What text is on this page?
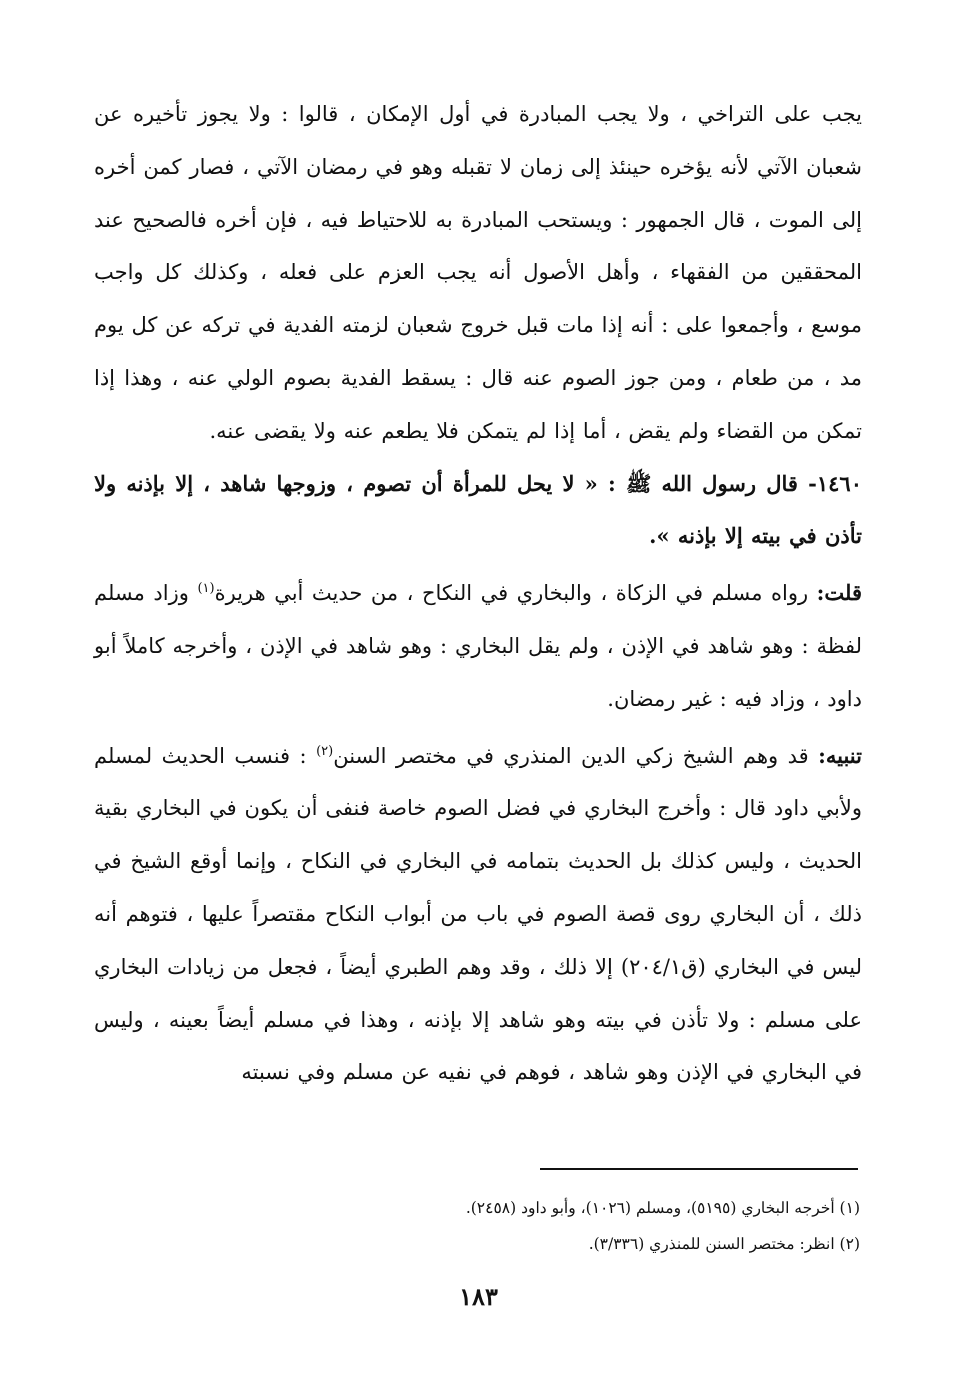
يجب على التراخي ، ولا يجب المبادرة في أول الإمكان ، قالوا : ولا يجوز تأخيره عن شعبان الآتي لأنه يؤخره حينئذ إلى زمان لا تقبله وهو في رمضان الآتي ، فصار كمن أخره إلى الموت ، قال الجمهور : ويستحب المبادرة به للاحتياط فيه ، فإن أخره فالصحيح عند المحققين من الفقهاء ، وأهل الأصول أنه يجب العزم على فعله ، وكذلك كل واجب موسع ، وأجمعوا على : أنه إذا مات قبل خروج شعبان لزمته الفدية في تركه عن كل يوم مد ، من طعام ، ومن جوز الصوم عنه قال : يسقط الفدية بصوم الولي عنه ، وهذا إذا تمكن من القضاء ولم يقض ، أما إذا لم يتمكن فلا يطعم عنه ولا يقضى عنه.

١٤٦٠- قال رسول الله ﷺ : « لا يحل للمرأة أن تصوم ، وزوجها شاهد ، إلا بإذنه ولا تأذن في بيته إلا بإذنه ».

قلت: رواه مسلم في الزكاة ، والبخاري في النكاح ، من حديث أبي هريرة$^{(١)}$ وزاد مسلم لفظة : وهو شاهد في الإذن ، ولم يقل البخاري : وهو شاهد في الإذن ، وأخرجه كاملاً أبو داود ، وزاد فيه : غير رمضان.

تنبيه: قد وهم الشيخ زكي الدين المنذري في مختصر السنن$^{(٢)}$ : فنسب الحديث لمسلم ولأبي داود قال : وأخرج البخاري في فضل الصوم خاصة فنفى أن يكون في البخاري بقية الحديث ، وليس كذلك بل الحديث بتمامه في البخاري في النكاح ، وإنما أوقع الشيخ في ذلك ، أن البخاري روى قصة الصوم في باب من أبواب النكاح مقتصراً عليها ، فتوهم أنه ليس في البخاري (ق٢٠٤/١) إلا ذلك ، وقد وهم الطبري أيضاً ، فجعل من زيادات البخاري على مسلم : ولا تأذن في بيته وهو شاهد إلا بإذنه ، وهذا في مسلم أيضاً بعينه ، وليس في البخاري في الإذن وهو شاهد ، فوهم في نفيه عن مسلم وفي نسبته

(١) أخرجه البخاري (٥١٩٥)، ومسلم (١٠٢٦)، وأبو داود (٢٤٥٨).

(٢) انظر: مختصر السنن للمنذري (٣/٣٣٦).

١٨٣
